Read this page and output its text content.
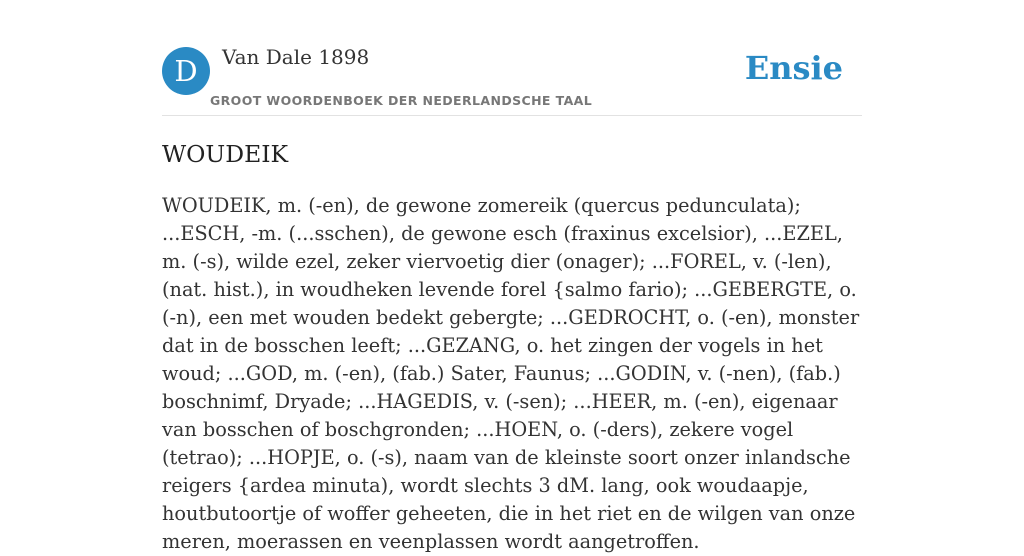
D	Van Dale 1898
GROOT WOORDENBOEK DER NEDERLANDSCHE TAAL
Ensie
WOUDEIK

WOUDEIK, m. (-en), de gewone zomereik (quercus pedunculata); ...ESCH, -m. (...sschen), de gewone esch (fraxinus excelsior), ...EZEL, m. (-s), wilde ezel, zeker viervoetig dier (onager); ...FOREL, v. (-len), (nat. hist.), in woudheken levende forel {salmo fario); ...GEBERGTE, o. (-n), een met wouden bedekt gebergte; ...GEDROCHT, o. (-en), monster dat in de bosschen leeft; ...GEZANG, o. het zingen der vogels in het woud; ...GOD, m. (-en), (fab.) Sater, Faunus; ...GODIN, v. (-nen), (fab.) boschnimf, Dryade; ...HAGEDIS, v. (-sen); ...HEER, m. (-en), eigenaar van bosschen of boschgronden; ...HOEN, o. (-ders), zekere vogel (tetrao); ...HOPJE, o. (-s), naam van de kleinste soort onzer inlandsche reigers {ardea minuta), wordt slechts 3 dM. lang, ook woudaapje, houtbutoortje of woffer geheeten, die in het riet en de wilgen van onze meren, moerassen en veenplassen wordt aangetroffen.
